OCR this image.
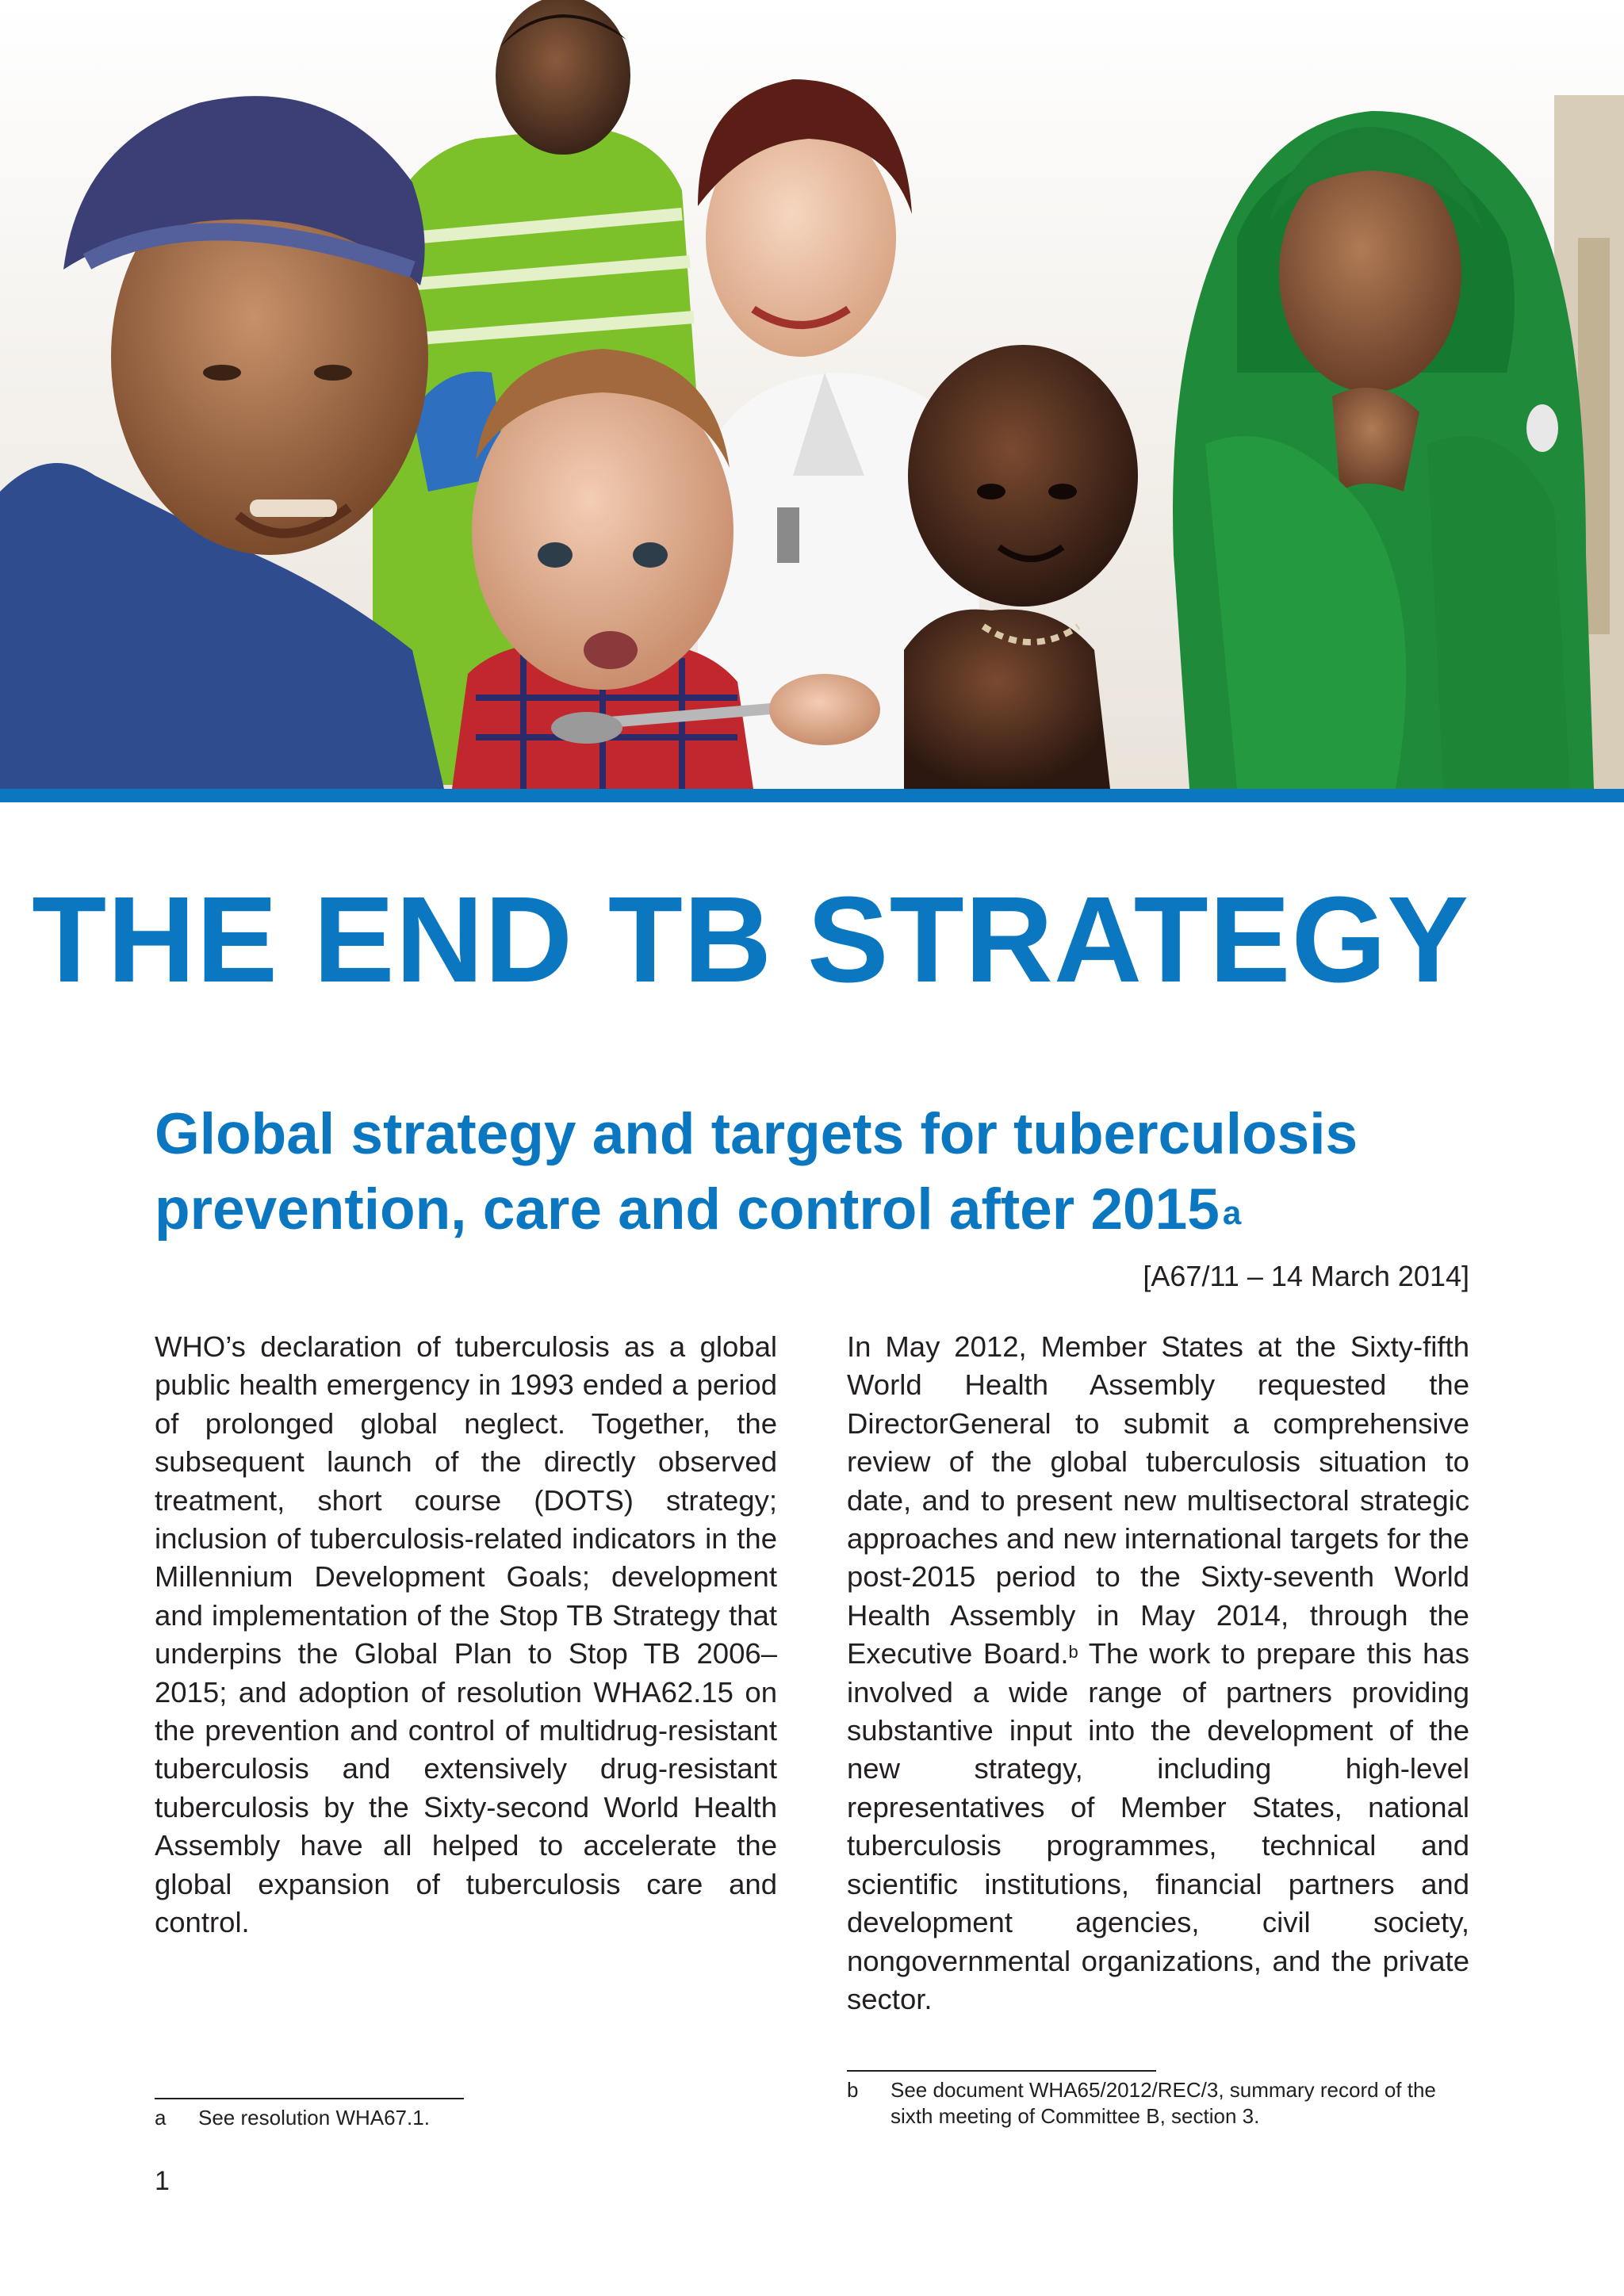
THE END TB STRATEGY
Global strategy and targets for tuberculosis prevention, care and control after 2015$^a$
[A67/11 – 14 March 2014]

WHO’s declaration of tuberculosis as a global public health emergency in 1993 ended a period of prolonged global neglect. Together, the subsequent launch of the directly observed treatment, short course (DOTS) strategy; inclusion of tuberculosis-related indicators in the Millennium Development Goals; development and implementation of the Stop TB Strategy that underpins the Global Plan to Stop TB 2006–2015; and adoption of resolution WHA62.15 on the prevention and control of multidrug-resistant tuberculosis and extensively drug-resistant tuberculosis by the Sixty-second World Health Assembly have all helped to accelerate the global expansion of tuberculosis care and control.

In May 2012, Member States at the Sixty-fifth World Health Assembly requested the DirectorGeneral to submit a comprehensive review of the global tuberculosis situation to date, and to present new multisectoral strategic approaches and new international targets for the post-2015 period to the Sixty-seventh World Health Assembly in May 2014, through the Executive Board.$^b$ The work to prepare this has involved a wide range of partners providing substantive input into the development of the new strategy, including high-level representatives of Member States, national tuberculosis programmes, technical and scientific institutions, financial partners and development agencies, civil society, nongovernmental organizations, and the private sector.

b See document WHA65/2012/REC/3, summary record of the
sixth meeting of Committee B, section 3.
a See resolution WHA67.1.
1
